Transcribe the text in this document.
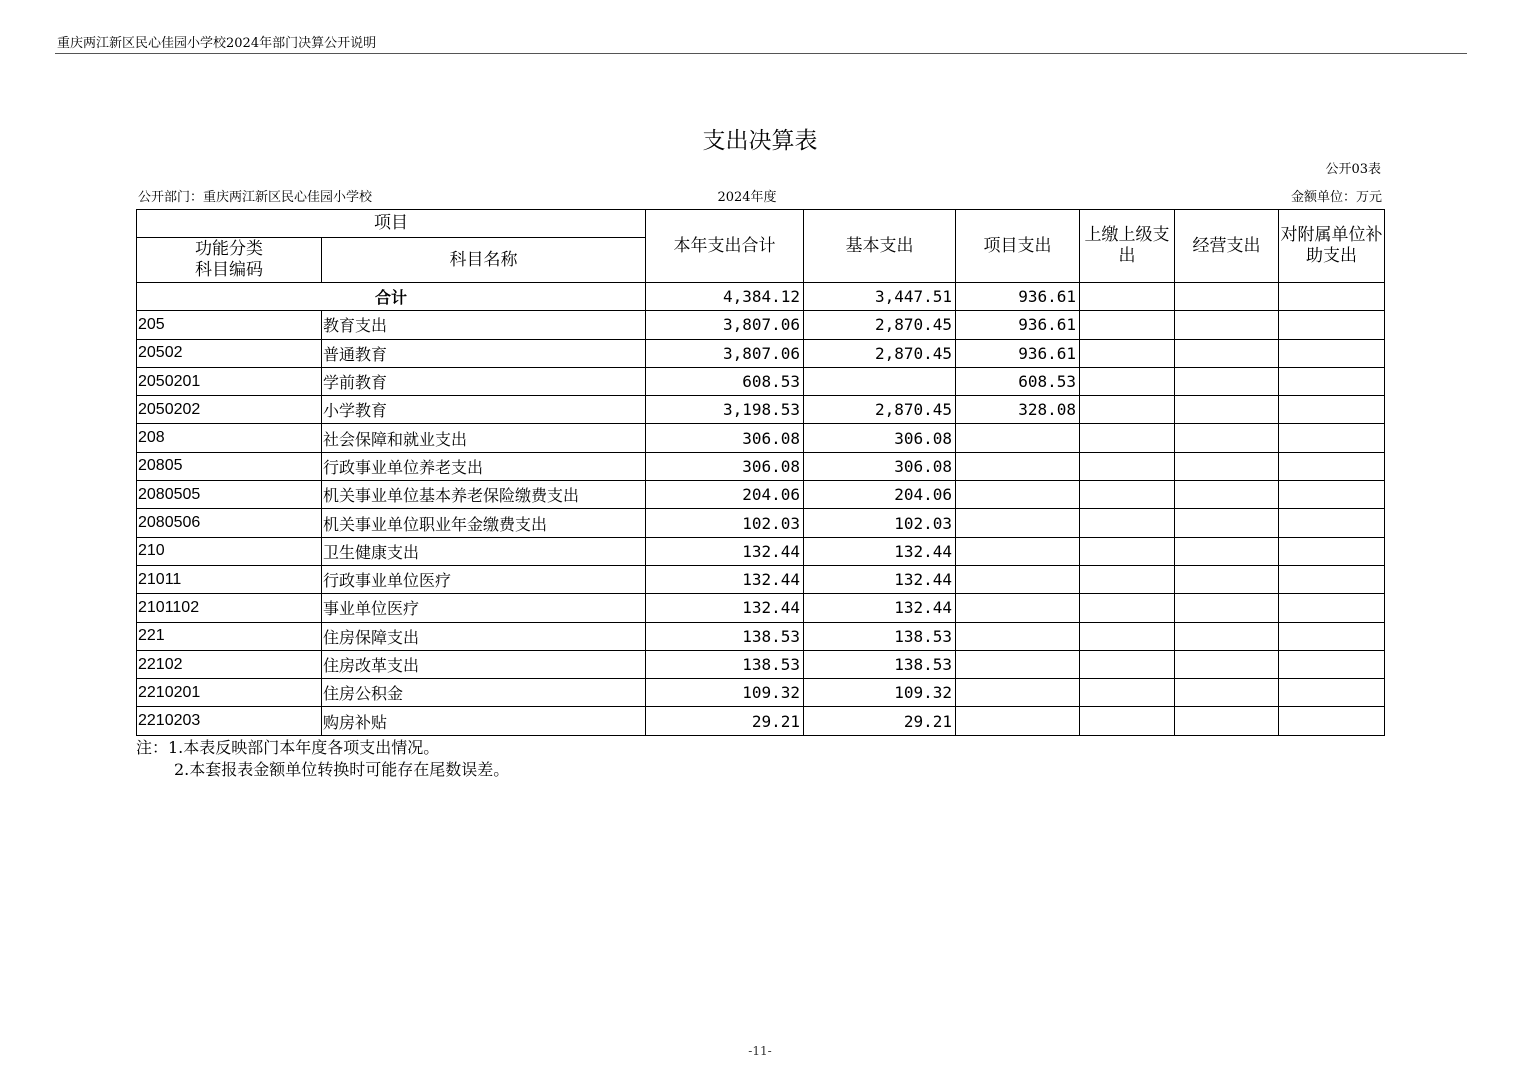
重庆两江新区民心佳园小学校2024年部门决算公开说明
支出决算表
公开03表
公开部门：重庆两江新区民心佳园小学校	2024年度	金额单位：万元
项目		本年支出合计	基本支出	项目支出	上缴上级支出	经营支出	对附属单位补助支出
功能分类
科目编码	科目名称						
合计		4,384.12	3,447.51	936.61			
205	教育支出	3,807.06	2,870.45	936.61			
20502	普通教育	3,807.06	2,870.45	936.61			
2050201	学前教育	608.53		608.53			
2050202	小学教育	3,198.53	2,870.45	328.08			
208	社会保障和就业支出	306.08	306.08				
20805	行政事业单位养老支出	306.08	306.08				
2080505	机关事业单位基本养老保险缴费支出	204.06	204.06				
2080506	机关事业单位职业年金缴费支出	102.03	102.03				
210	卫生健康支出	132.44	132.44				
21011	行政事业单位医疗	132.44	132.44				
2101102	事业单位医疗	132.44	132.44				
221	住房保障支出	138.53	138.53				
22102	住房改革支出	138.53	138.53				
2210201	住房公积金	109.32	109.32				
2210203	购房补贴	29.21	29.21				
注：1.本表反映部门本年度各项支出情况。
2.本套报表金额单位转换时可能存在尾数误差。
-11-
